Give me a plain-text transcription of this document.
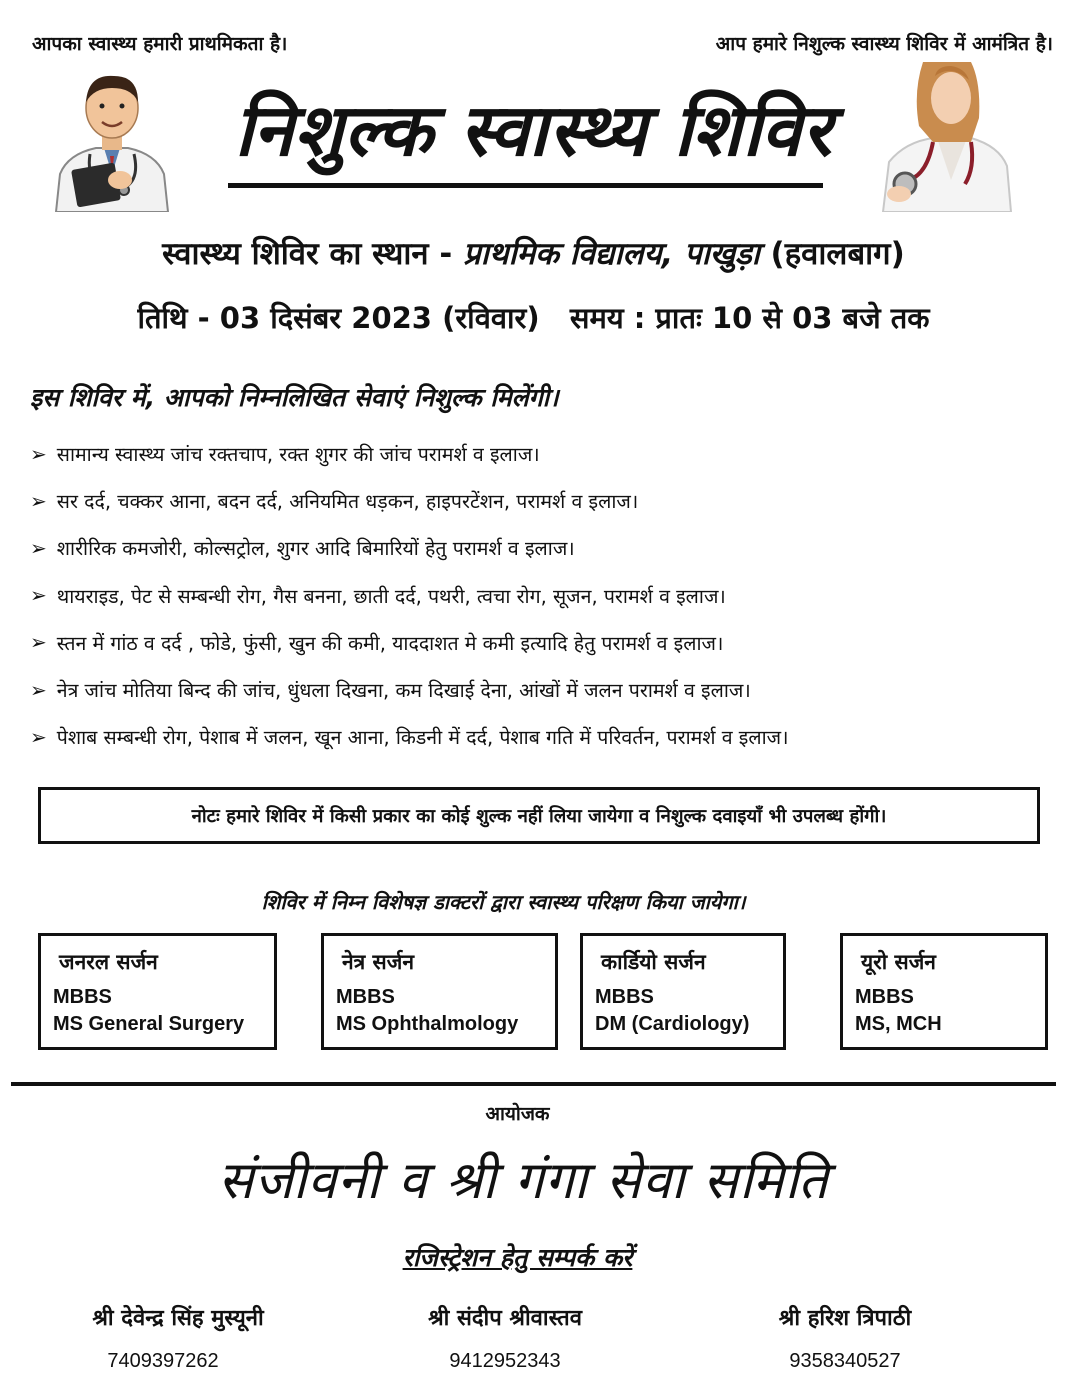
आपका स्वास्थ्य हमारी प्राथमिकता है।	आप हमारे निशुल्क स्वास्थ्य शिविर में आमंत्रित है।
निशुल्क स्वास्थ्य शिविर
स्वास्थ्य शिविर का स्थान - प्राथमिक विद्यालय, पाखुड़ा (हवालबाग)
तिथि - 03 दिसंबर 2023 (रविवार) समय : प्रातः 10 से 03 बजे तक
इस शिविर में, आपको निम्नलिखित सेवाएं निशुल्क मिलेंगी।
➢ सामान्य स्वास्थ्य जांच रक्तचाप, रक्त शुगर की जांच परामर्श व इलाज।
➢ सर दर्द, चक्कर आना, बदन दर्द, अनियमित धड़कन, हाइपरटेंशन, परामर्श व इलाज।
➢ शारीरिक कमजोरी, कोल्सट्रोल, शुगर आदि बिमारियों हेतु परामर्श व इलाज।
➢ थायराइड, पेट से सम्बन्धी रोग, गैस बनना, छाती दर्द, पथरी, त्वचा रोग, सूजन, परामर्श व इलाज।
➢ स्तन में गांठ व दर्द , फोडे, फुंसी, खुन की कमी, याददाशत मे कमी इत्यादि हेतु परामर्श व इलाज।
➢ नेत्र जांच मोतिया बिन्द की जांच, धुंधला दिखना, कम दिखाई देना, आंखों में जलन परामर्श व इलाज।
➢ पेशाब सम्बन्धी रोग, पेशाब में जलन, खून आना, किडनी में दर्द, पेशाब गति में परिवर्तन, परामर्श व इलाज।
नोटः हमारे शिविर में किसी प्रकार का कोई शुल्क नहीं लिया जायेगा व निशुल्क दवाइयाँ भी उपलब्ध होंगी।
शिविर में निम्न विशेषज्ञ डाक्टरों द्वारा स्वास्थ्य परिक्षण किया जायेगा।
जनरल सर्जन
MBBS
MS General Surgery
नेत्र सर्जन
MBBS
MS Ophthalmology
कार्डियो सर्जन
MBBS
DM (Cardiology)
यूरो सर्जन
MBBS
MS, MCH
आयोजक
संजीवनी व श्री गंगा सेवा समिति
रजिस्ट्रेशन हेतु सम्पर्क करें
श्री देवेन्द्र सिंह मुस्यूनी
7409397262
श्री संदीप श्रीवास्तव
9412952343
श्री हरिश त्रिपाठी
9358340527
